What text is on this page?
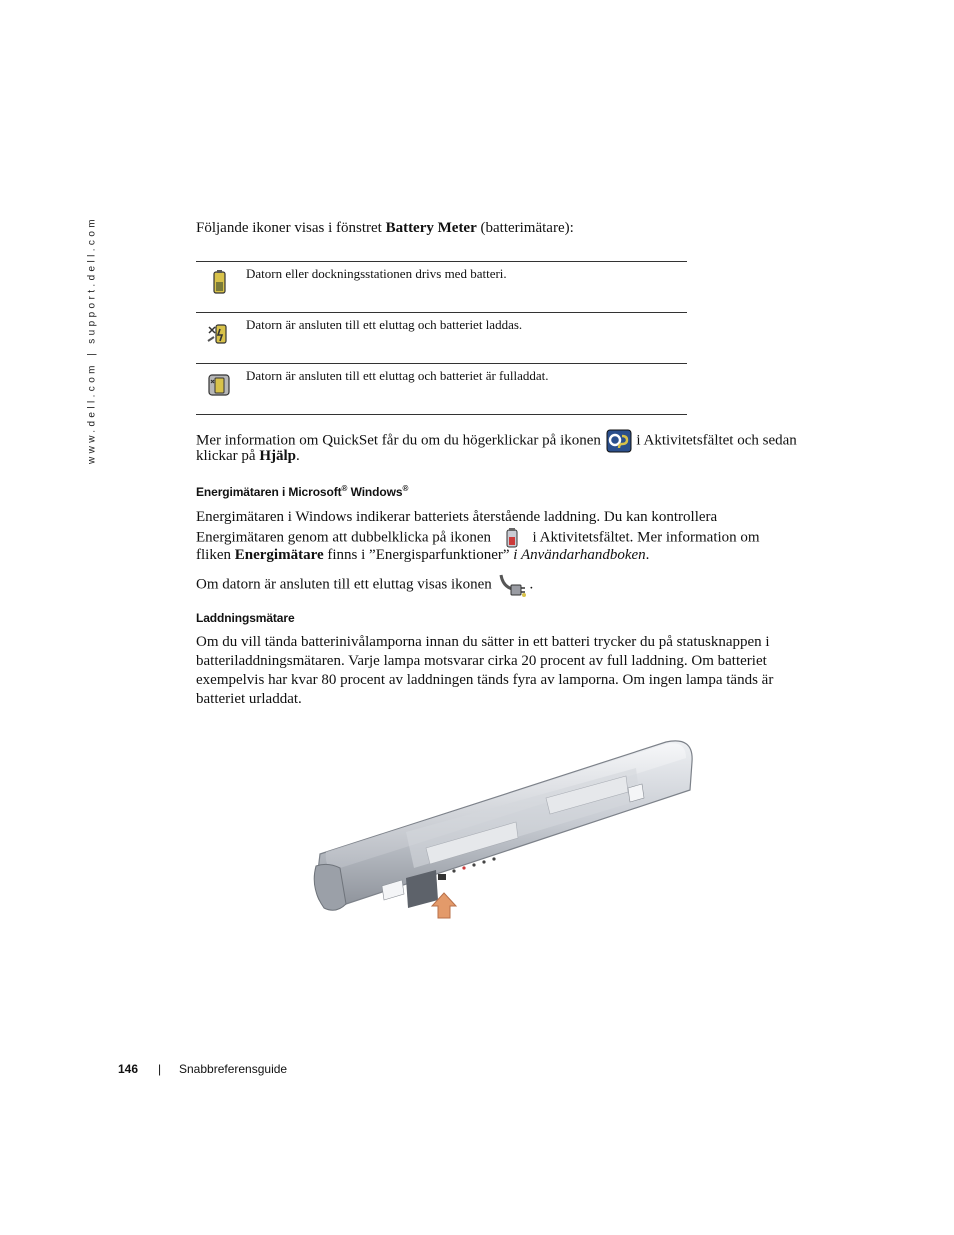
www.dell.com | support.dell.com	Följande ikoner visas i fönstret Battery Meter (batterimätare):
Datorn eller dockningsstationen drivs med batteri.
Datorn är ansluten till ett eluttag och batteriet laddas.
Datorn är ansluten till ett eluttag och batteriet är fulladdat.
Mer information om QuickSet får du om du högerklickar på ikonen  i Aktivitetsfältet och sedan
klickar på Hjälp.
Energimätaren i Microsoft® Windows®
Energimätaren i Windows indikerar batteriets återstående laddning. Du kan kontrollera
Energimätaren genom att dubbelklicka på ikonen	i Aktivitetsfältet. Mer information om
fliken Energimätare finns i ”Energisparfunktioner” i Användarhandboken.
Om datorn är ansluten till ett eluttag visas ikonen	.
Laddningsmätare
Om du vill tända batterinivålamporna innan du sätter in ett batteri trycker du på statusknappen i
batteriladdningsmätaren. Varje lampa motsvarar cirka 20 procent av full laddning. Om batteriet
exempelvis har kvar 80 procent av laddningen tänds fyra av lamporna. Om ingen lampa tänds är
batteriet urladdat.
146 | Snabbreferensguide
